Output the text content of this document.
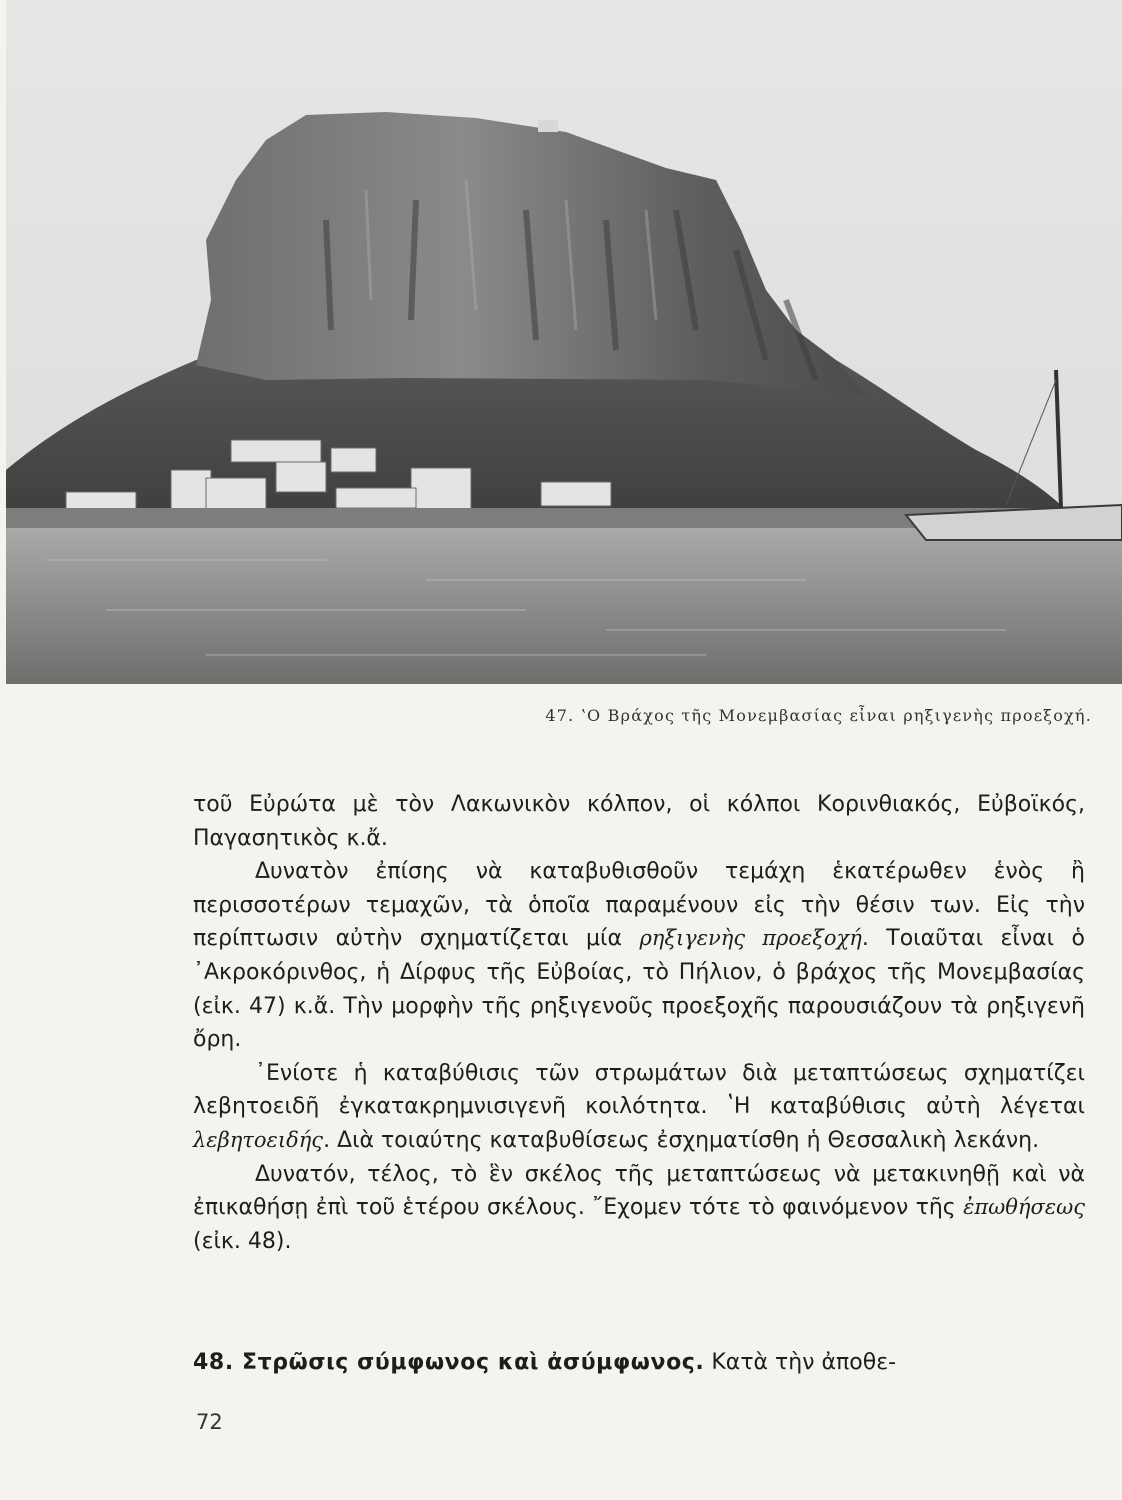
47. ʽΟ Βράχος τῆς Μονεμβασίας εἶναι ρηξιγενὴς προεξοχή.

τοῦ Εὐρώτα μὲ τὸν Λακωνικὸν κόλπον, οἱ κόλποι Κορινθιακός, Εὐβοϊκός, Παγασητικὸς κ.ἄ.

Δυνατὸν ἐπίσης νὰ καταβυθισθοῦν τεμάχη ἑκατέρωθεν ἑνὸς ἢ περισσοτέρων τεμαχῶν, τὰ ὁποῖα παραμένουν εἰς τὴν θέσιν των. Εἰς τὴν περίπτωσιν αὐτὴν σχηματίζεται μία ρηξιγενὴς προεξοχή. Τοιαῦται εἶναι ὁ ᾿Ακροκόρινθος, ἡ Δίρφυς τῆς Εὐβοίας, τὸ Πήλιον, ὁ βράχος τῆς Μονεμβασίας (εἰκ. 47) κ.ἄ. Τὴν μορφὴν τῆς ρηξιγενοῦς προεξοχῆς παρουσιάζουν τὰ ρηξιγενῆ ὄρη.

᾿Ενίοτε ἡ καταβύθισις τῶν στρωμάτων διὰ μεταπτώσεως σχηματίζει λεβητοειδῆ ἐγκατακρημνισιγενῆ κοιλότητα. ʽΗ καταβύθισις αὐτὴ λέγεται λεβητοειδής. Διὰ τοιαύτης καταβυθίσεως ἐσχηματίσθη ἡ Θεσσαλικὴ λεκάνη.

Δυνατόν, τέλος, τὸ ἓν σκέλος τῆς μεταπτώσεως νὰ μετακινηθῇ καὶ νὰ ἐπικαθήσῃ ἐπὶ τοῦ ἑτέρου σκέλους. ῎Εχομεν τότε τὸ φαινόμενον τῆς ἐπωθήσεως (εἰκ. 48).

48. Στρῶσις σύμφωνος καὶ ἀσύμφωνος. Κατὰ τὴν ἀποθε-
72
